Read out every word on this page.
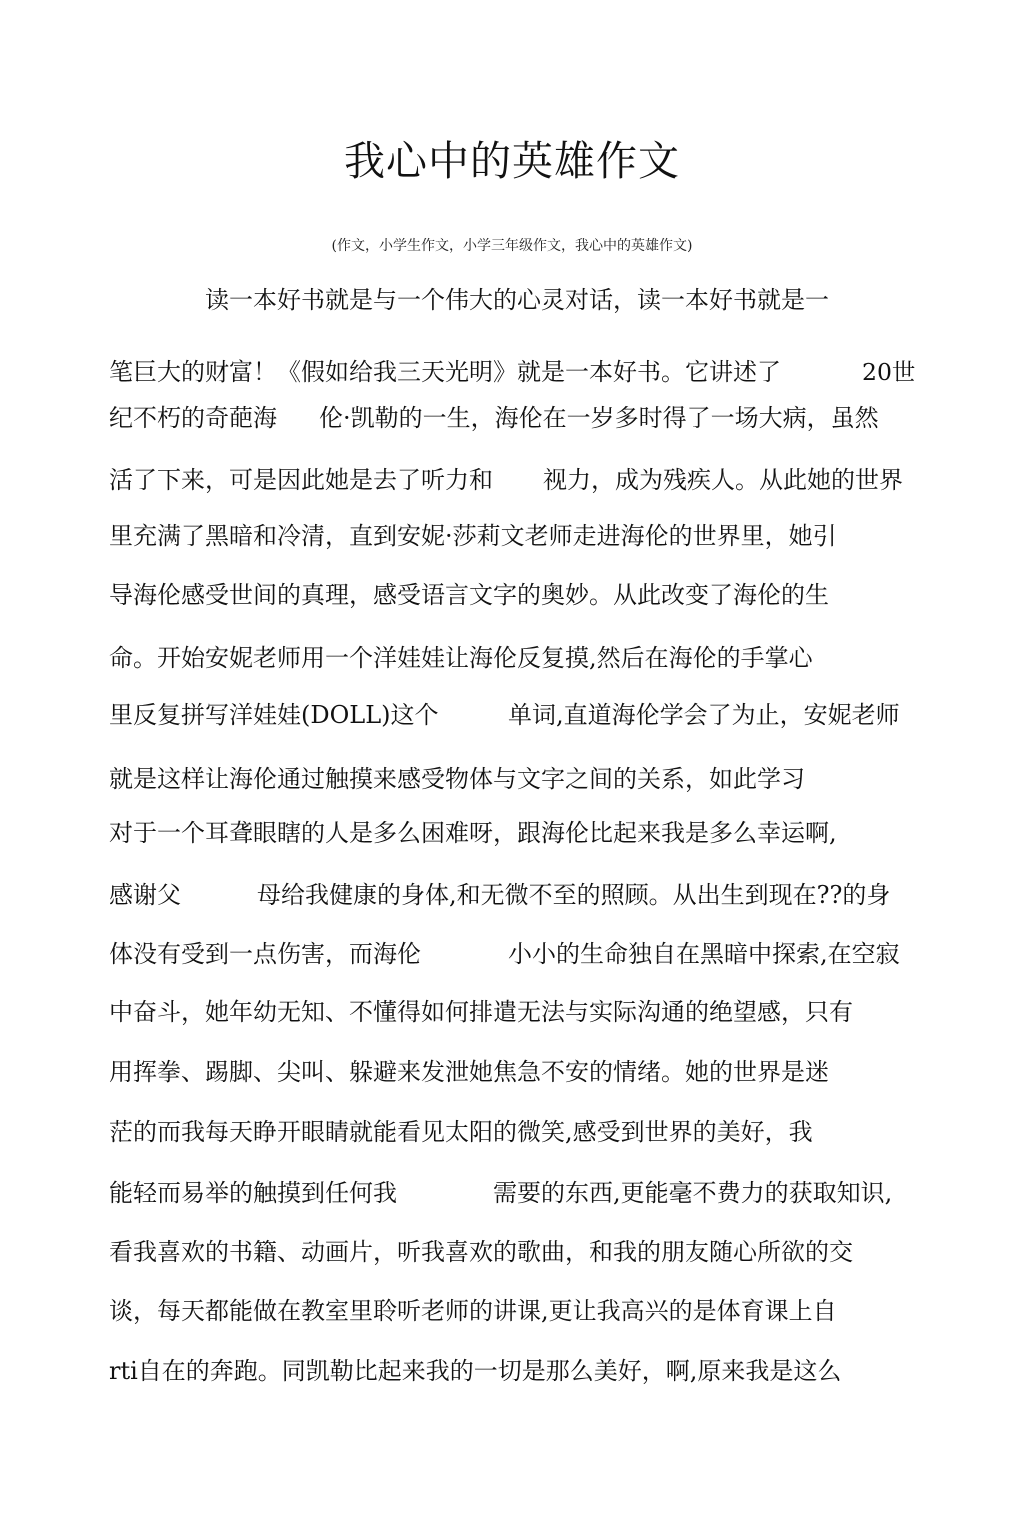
我心中的英雄作文
(作文，小学生作文，小学三年级作文，我心中的英雄作文)
读一本好书就是与一个伟大的心灵对话，读一本好书就是一
笔巨大的财富！《假如给我三天光明》就是一本好书。它讲述了	20世
纪不朽的奇葩海 伦·凯勒的一生，海伦在一岁多时得了一场大病，虽然
活了下来，可是因此她是去了听力和 视力，成为残疾人。从此她的世界
里充满了黑暗和冷清，直到安妮·莎莉文老师走进海伦的世界里，她引
导海伦感受世间的真理，感受语言文字的奥妙。从此改变了海伦的生
命。开始安妮老师用一个洋娃娃让海伦反复摸,然后在海伦的手掌心
里反复拼写洋娃娃(DOLL)这个	单词,直道海伦学会了为止，安妮老师
就是这样让海伦通过触摸来感受物体与文字之间的关系，如此学习
对于一个耳聋眼瞎的人是多么困难呀，跟海伦比起来我是多么幸运啊,
感谢父	母给我健康的身体,和无微不至的照顾。从出生到现在??的身
体没有受到一点伤害，而海伦	小小的生命独自在黑暗中探索,在空寂
中奋斗，她年幼无知、不懂得如何排遣无法与实际沟通的绝望感，只有
用挥拳、踢脚、尖叫、躲避来发泄她焦急不安的情绪。她的世界是迷
茫的而我每天睁开眼睛就能看见太阳的微笑,感受到世界的美好，我
能轻而易举的触摸到任何我	需要的东西,更能毫不费力的获取知识,
看我喜欢的书籍、动画片，听我喜欢的歌曲，和我的朋友随心所欲的交
谈，每天都能做在教室里聆听老师的讲课,更让我高兴的是体育课上自
rti自在的奔跑。同凯勒比起来我的一切是那么美好，啊,原来我是这么
